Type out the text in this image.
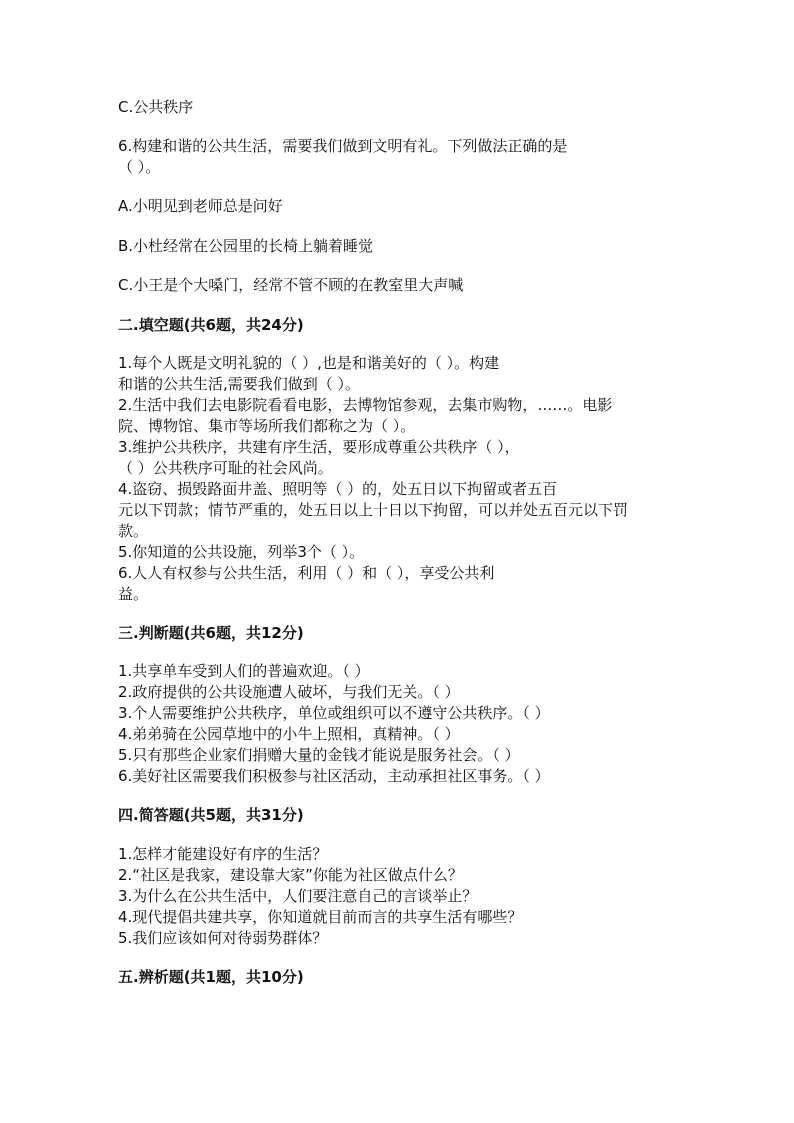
C.公共秩序
6.构建和谐的公共生活，需要我们做到文明有礼。下列做法正确的是
（ ）。
A.小明见到老师总是问好
B.小杜经常在公园里的长椅上躺着睡觉
C.小王是个大嗓门，经常不管不顾的在教室里大声喊
二.填空题(共6题，共24分)
1.每个人既是文明礼貌的（ ）,也是和谐美好的（ ）。构建
和谐的公共生活,需要我们做到（ ）。
2.生活中我们去电影院看看电影，去博物馆参观，去集市购物，……。电影
院、博物馆、集市等场所我们都称之为（ ）。
3.维护公共秩序，共建有序生活，要形成尊重公共秩序（ ），
（ ）公共秩序可耻的社会风尚。
4.盗窃、损毁路面井盖、照明等（ ）的，处五日以下拘留或者五百
元以下罚款；情节严重的，处五日以上十日以下拘留，可以并处五百元以下罚
款。
5.你知道的公共设施，列举3个（ ）。
6.人人有权参与公共生活，利用（ ）和（ ），享受公共利
益。
三.判断题(共6题，共12分)
1.共享单车受到人们的普遍欢迎。（ ）
2.政府提供的公共设施遭人破坏，与我们无关。（ ）
3.个人需要维护公共秩序，单位或组织可以不遵守公共秩序。（ ）
4.弟弟骑在公园草地中的小牛上照相，真精神。（ ）
5.只有那些企业家们捐赠大量的金钱才能说是服务社会。（ ）
6.美好社区需要我们积极参与社区活动，主动承担社区事务。（ ）
四.简答题(共5题，共31分)
1.怎样才能建设好有序的生活？
2.“社区是我家，建设靠大家”你能为社区做点什么？
3.为什么在公共生活中，人们要注意自己的言谈举止？
4.现代提倡共建共享，你知道就目前而言的共享生活有哪些？
5.我们应该如何对待弱势群体？
五.辨析题(共1题，共10分)
